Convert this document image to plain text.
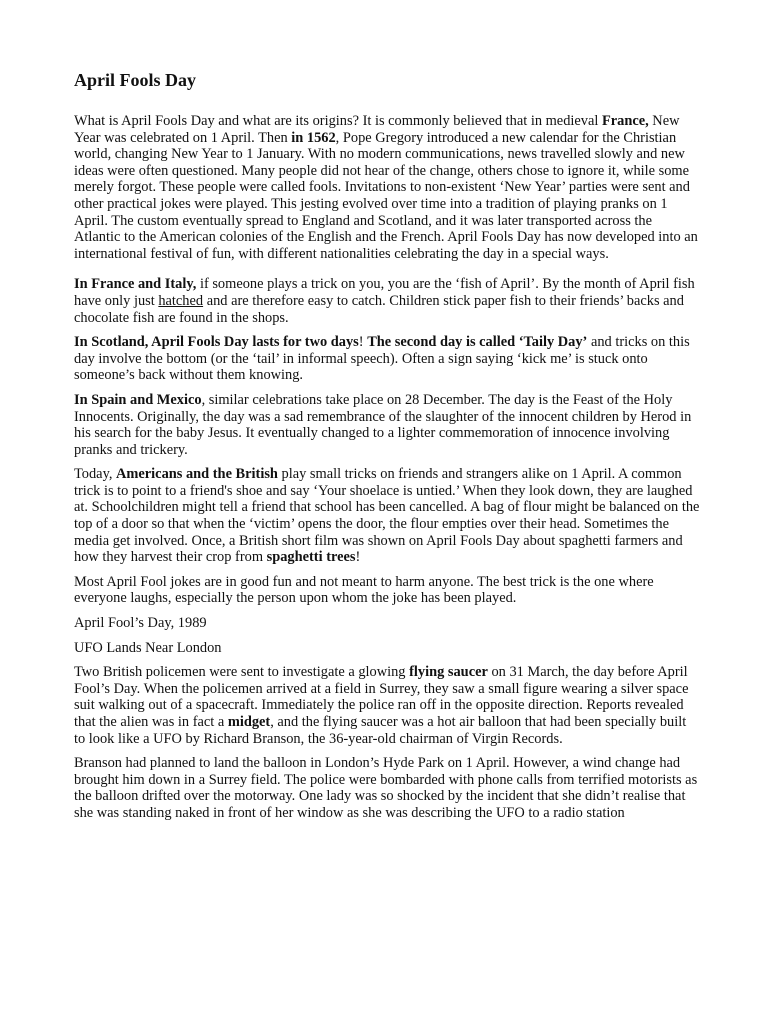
April Fools Day

What is April Fools Day and what are its origins? It is commonly believed that in medieval France, New Year was celebrated on 1 April. Then in 1562, Pope Gregory introduced a new calendar for the Christian world, changing New Year to 1 January. With no modern communications, news travelled slowly and new ideas were often questioned. Many people did not hear of the change, others chose to ignore it, while some merely forgot. These people were called fools. Invitations to non-existent ‘New Year’ parties were sent and other practical jokes were played. This jesting evolved over time into a tradition of playing pranks on 1 April. The custom eventually spread to England and Scotland, and it was later transported across the Atlantic to the American colonies of the English and the French. April Fools Day has now developed into an international festival of fun, with different nationalities celebrating the day in a special ways.

In France and Italy, if someone plays a trick on you, you are the ‘fish of April’. By the month of April fish have only just hatched and are therefore easy to catch. Children stick paper fish to their friends’ backs and chocolate fish are found in the shops.

In Scotland, April Fools Day lasts for two days! The second day is called ‘Taily Day’ and tricks on this day involve the bottom (or the ‘tail’ in informal speech). Often a sign saying ‘kick me’ is stuck onto someone’s back without them knowing.

In Spain and Mexico, similar celebrations take place on 28 December. The day is the Feast of the Holy Innocents. Originally, the day was a sad remembrance of the slaughter of the innocent children by Herod in his search for the baby Jesus. It eventually changed to a lighter commemoration of innocence involving pranks and trickery.

Today, Americans and the British play small tricks on friends and strangers alike on 1 April. A common trick is to point to a friend's shoe and say ‘Your shoelace is untied.’ When they look down, they are laughed at. Schoolchildren might tell a friend that school has been cancelled. A bag of flour might be balanced on the top of a door so that when the ‘victim’ opens the door, the flour empties over their head. Sometimes the media get involved. Once, a British short film was shown on April Fools Day about spaghetti farmers and how they harvest their crop from spaghetti trees!

Most April Fool jokes are in good fun and not meant to harm anyone. The best trick is the one where everyone laughs, especially the person upon whom the joke has been played.

April Fool’s Day, 1989

UFO Lands Near London

Two British policemen were sent to investigate a glowing flying saucer on 31 March, the day before April Fool’s Day. When the policemen arrived at a field in Surrey, they saw a small figure wearing a silver space suit walking out of a spacecraft. Immediately the police ran off in the opposite direction. Reports revealed that the alien was in fact a midget, and the flying saucer was a hot air balloon that had been specially built to look like a UFO by Richard Branson, the 36-year-old chairman of Virgin Records.

Branson had planned to land the balloon in London’s Hyde Park on 1 April. However, a wind change had brought him down in a Surrey field. The police were bombarded with phone calls from terrified motorists as the balloon drifted over the motorway. One lady was so shocked by the incident that she didn’t realise that she was standing naked in front of her window as she was describing the UFO to a radio station
